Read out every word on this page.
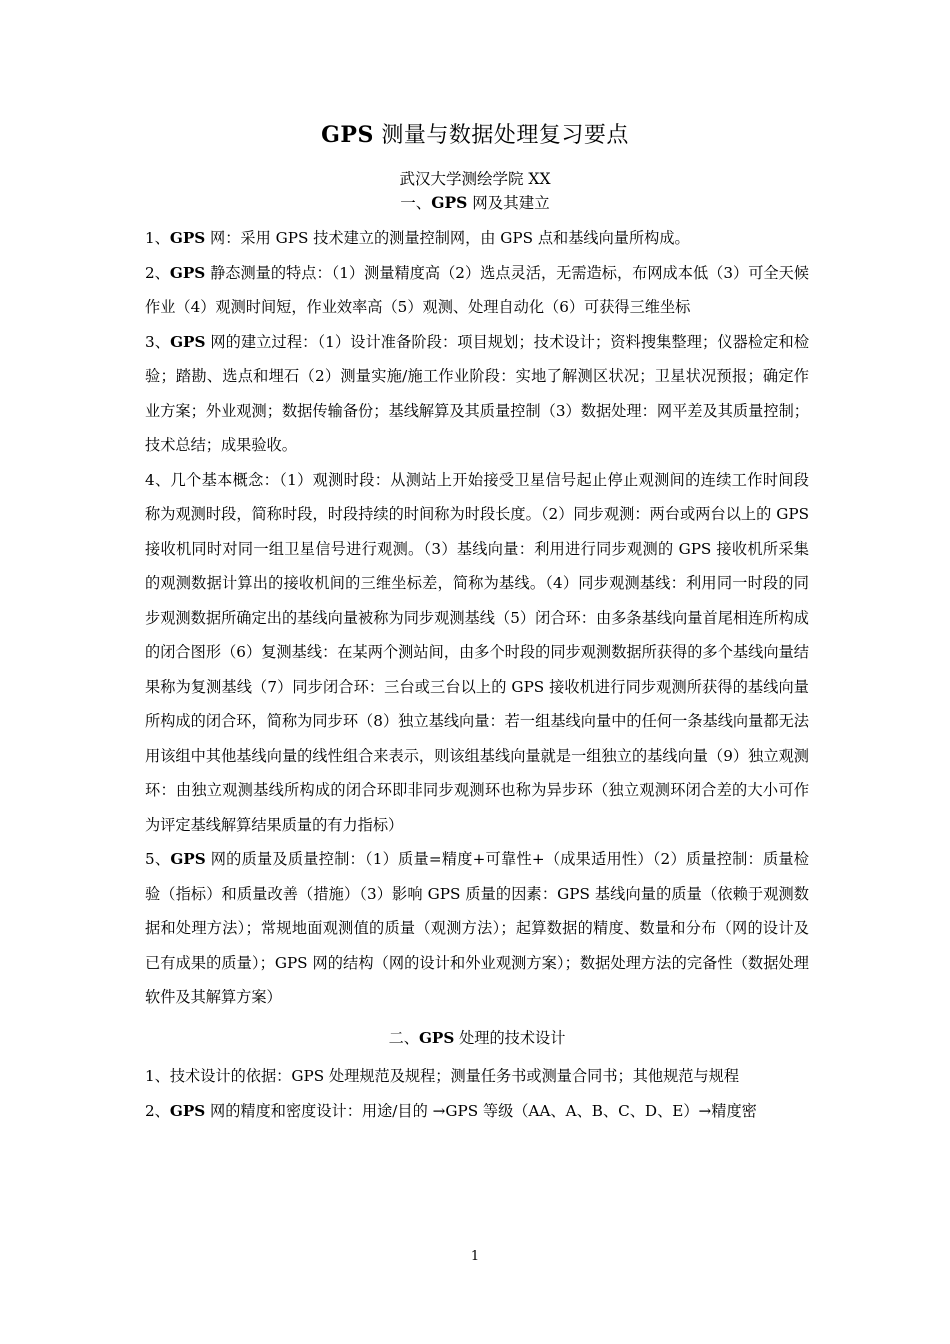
GPS 测量与数据处理复习要点
武汉大学测绘学院 XX
一、GPS 网及其建立

1、GPS 网：采用 GPS 技术建立的测量控制网，由 GPS 点和基线向量所构成。

2、GPS 静态测量的特点：（1）测量精度高（2）选点灵活，无需造标，布网成本低（3）可全天候作业（4）观测时间短，作业效率高（5）观测、处理自动化（6）可获得三维坐标

3、GPS 网的建立过程：（1）设计准备阶段：项目规划；技术设计；资料搜集整理；仪器检定和检验；踏勘、选点和埋石（2）测量实施/施工作业阶段：实地了解测区状况；卫星状况预报；确定作业方案；外业观测；数据传输备份；基线解算及其质量控制（3）数据处理：网平差及其质量控制；技术总结；成果验收。

4、几个基本概念：（1）观测时段：从测站上开始接受卫星信号起止停止观测间的连续工作时间段称为观测时段，简称时段，时段持续的时间称为时段长度。（2）同步观测：两台或两台以上的 GPS 接收机同时对同一组卫星信号进行观测。（3）基线向量：利用进行同步观测的 GPS 接收机所采集的观测数据计算出的接收机间的三维坐标差，简称为基线。（4）同步观测基线：利用同一时段的同步观测数据所确定出的基线向量被称为同步观测基线（5）闭合环：由多条基线向量首尾相连所构成的闭合图形（6）复测基线：在某两个测站间，由多个时段的同步观测数据所获得的多个基线向量结果称为复测基线（7）同步闭合环：三台或三台以上的 GPS 接收机进行同步观测所获得的基线向量所构成的闭合环，简称为同步环（8）独立基线向量：若一组基线向量中的任何一条基线向量都无法用该组中其他基线向量的线性组合来表示，则该组基线向量就是一组独立的基线向量（9）独立观测环：由独立观测基线所构成的闭合环即非同步观测环也称为异步环（独立观测环闭合差的大小可作为评定基线解算结果质量的有力指标）

5、GPS 网的质量及质量控制：（1）质量=精度+可靠性+（成果适用性）（2）质量控制：质量检验（指标）和质量改善（措施）（3）影响 GPS 质量的因素：GPS 基线向量的质量（依赖于观测数据和处理方法）；常规地面观测值的质量（观测方法）；起算数据的精度、数量和分布（网的设计及已有成果的质量）；GPS 网的结构（网的设计和外业观测方案）；数据处理方法的完备性（数据处理软件及其解算方案）

二、GPS 处理的技术设计

1、技术设计的依据：GPS 处理规范及规程；测量任务书或测量合同书；其他规范与规程

2、GPS 网的精度和密度设计：用途/目的 →GPS 等级（AA、A、B、C、D、E）→精度密

1
